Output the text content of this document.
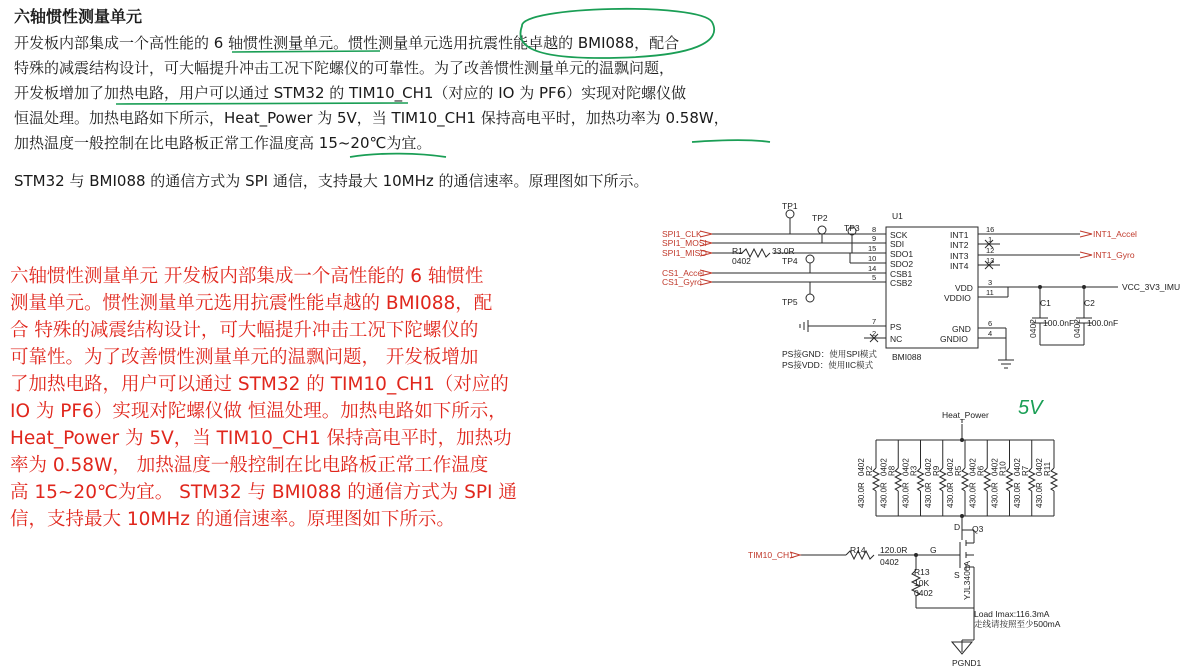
六轴惯性测量单元
开发板内部集成一个高性能的 6 轴惯性测量单元。惯性测量单元选用抗震性能卓越的 BMI088，配合
特殊的减震结构设计，可大幅提升冲击工况下陀螺仪的可靠性。为了改善惯性测量单元的温飘问题，
开发板增加了加热电路，用户可以通过 STM32 的 TIM10_CH1（对应的 IO 为 PF6）实现对陀螺仪做
恒温处理。加热电路如下所示，Heat_Power 为 5V，当 TIM10_CH1 保持高电平时，加热功率为 0.58W，
加热温度一般控制在比电路板正常工作温度高 15~20℃为宜。
STM32 与 BMI088 的通信方式为 SPI 通信，支持最大 10MHz 的通信速率。原理图如下所示。
六轴惯性测量单元 开发板内部集成一个高性能的 6 轴惯性
测量单元。惯性测量单元选用抗震性能卓越的 BMI088，配
合 特殊的减震结构设计，可大幅提升冲击工况下陀螺仪的
可靠性。为了改善惯性测量单元的温飘问题， 开发板增加
了加热电路，用户可以通过 STM32 的 TIM10_CH1（对应的
IO 为 PF6）实现对陀螺仪做 恒温处理。加热电路如下所示，
Heat_Power 为 5V，当 TIM10_CH1 保持高电平时，加热功
率为 0.58W， 加热温度一般控制在比电路板正常工作温度
高 15~20℃为宜。 STM32 与 BMI088 的通信方式为 SPI 通
信，支持最大 10MHz 的通信速率。原理图如下所示。
SPI1_CLK
SPI1_MOSI
SPI1_MISO
CS1_Accel
CS1_Gyro
INT1_Accel
INT1_Gyro
VCC_3V3_IMU
TP1
TP2
TP3
TP4
TP5
R1	33.0R
0402
U1
BMI088
SCK
SDI
SDO1
SDO2
CSB1
CSB2
PS
NC
INT1
INT2
INT3
INT4
VDD
VDDIO
GND
GNDIO
8
9
15
10
14
5
7
2
16
1
12
13
3
11
6
4
C1	C2
100.0nF 100.0nF
0402	0402
PS接GND：使用SPI模式
PS接VDD：使用IIC模式
Heat_Power
Q3
D
G
S YJL3400A
R14 120.0R
0402
R13
10K
0402
Load Imax:116.3mA
走线请按照至少500mA
PGND1
TIM10_CH1
5V
0402 R2
430.0R
0402 R8
430.0R
0402 R3
430.0R
0402 R9
430.0R
0402 R5
430.0R
0402 R6
430.0R
0402 R10
430.0R
0402 R7
430.0R
0402 R11
430.0R
